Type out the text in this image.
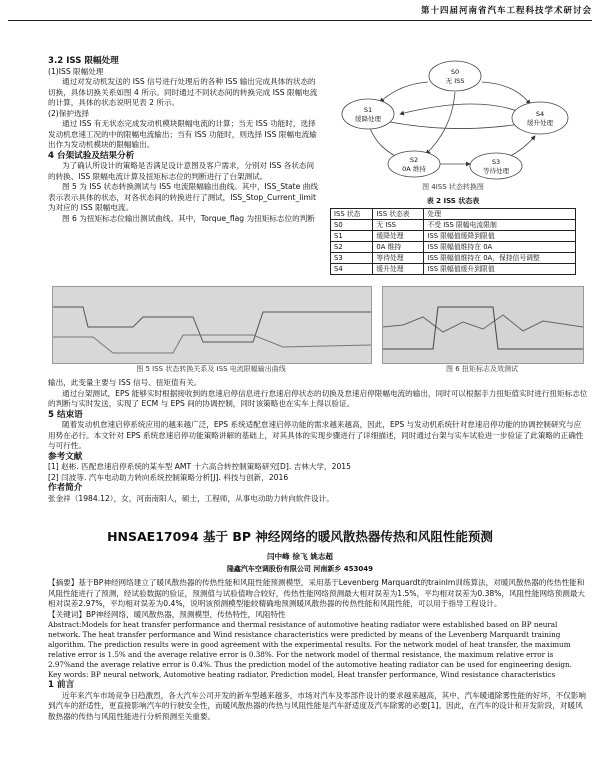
第十四届河南省汽车工程科技学术研讨会

3.2 ISS 限幅处理

(1)ISS 限幅处理

通过对发动机发送的 ISS 信号进行处理后的各种 ISS 输出完成具体的状态的切换，具体切换关系如图 4 所示。同时通过不同状态间的转换完成 ISS 限幅电流的计算，具体的状态说明见表 2 所示。

(2)保护选择

通过 ISS 有无状态完成发动机模块限幅电流的计算；当无 ISS 功能时，选择发动机怠速工况的中的限幅电流输出；当有 ISS 功能时，则选择 ISS 限幅电流输出作为发动机模块的限幅输出。

4 台架试验及结果分析

为了确认所设计的策略是否满足设计意图及客户需求，分别对 ISS 各状态间的转换、ISS 限幅电流计算及扭矩标志位的判断进行了台架测试。

图 5 为 ISS 状态转换测试与 ISS 电流限幅输出曲线。其中，ISS_State 曲线表示表示具体的状态，对各状态间的转换进行了测试，ISS_Stop_Current_limit 为对应的 ISS 限幅电流。

图 6 为扭矩标志位输出测试曲线。其中，Torque_flag 为扭矩标志位的判断

S0
无 ISS
S1
缓降处理
S4
缓升处理
S2
0A 维持
S3
等待处理
图 4ISS 状态转换图
表 2 ISS 状态表
ISS 状态	ISS 状态表	处理
S0	无 ISS	不受 ISS 限幅电流限制
S1	缓降处理	ISS 限幅值缓降到限值
S2	0A 维持	ISS 限幅值维持在 0A
S3	等待处理	ISS 限幅值维持在 0A，保持信号调整
S4	缓升处理	ISS 限幅值缓升到限值
图 5 ISS 状态转换关系及 ISS 电流限幅输出曲线	图 6 扭矩标志及效测试

输出，此变量主要与 ISS 信号、扭矩值有关。

通过台架测试，EPS 能够实时根据接收到的怠速启停信息进行怠速启停状态的切换及怠速启停限幅电流的输出，同时可以根据手力扭矩值实时进行扭矩标志位的判断与实时发送，实现了 ECM 与 EPS 间的协调控制，同时该策略也在实车上得以验证。

5 结束语

随着发动机怠速启停系统应用的越来越广泛，EPS 系统适配怠速启停功能的需求越来越高，因此，EPS 与发动机系统针对怠速启停功能的协调控制研究与应用势在必行。本文针对 EPS 系统怠速启停功能策略讲解的基础上，对其具体的实现步骤进行了详细描述，同时通过台架与实车试验进一步验证了此策略的正确性与可行性。

参考文献

[1] 赵彬. 匹配怠速启停系统的某车型 AMT 十六高合转控制策略研究[D]. 吉林大学，2015

[2] 闫波等. 汽车电动助力转向系统控制策略分析[J]. 科技与创新，2016

作者简介

张金祥（1984.12），女，河南南阳人，硕士，工程师，从事电动助力转向软件设计。

HNSAE17094 基于 BP 神经网络的暖风散热器传热和风阻性能预测
闫中峰 徐飞 姚志超
隆鑫汽车空调股份有限公司 河南新乡 453049

【摘要】基于BP神经网络建立了暖风散热器的传热性能和风阻性能预测模型，采用基于Levenberg Marquardt的trainlm训练算法，对暖风散热器的传热性能和风阻性能进行了预测，经试验数据的验证，预测值与试验值吻合较好，传热性能网络预测最大相对误差为1.5%，平均相对误差为0.38%，风阻性能网络预测最大相对误差2.97%，平均相对误差为0.4%，说明该预测模型能较精确地预测暖风散热器的传热性能和风阻性能，可以用于指导工程设计。

【关键词】BP神经网络，暖风散热器，预测模型，传热特性，风阻特性

Abstract:Models for heat transfer performance and thermal resistance of automotive heating radiator were established based on BP neural network. The heat transfer performance and Wind resistance characteristics were predicted by means of the Levenberg Marquardt training algorithm. The prediction results were in good agreement with the experimental results. For the network model of heat transfer, the maximum relative error is 1.5% and the average relative error is 0.38%. For the network model of thermal resistance, the maximum relative error is 2.97%and the average relative error is 0.4%. Thus the prediction model of the automotive heating radiator can be used for engineering design.

Key words: BP neural network, Automotive heating radiator, Prediction model, Heat transfer performance, Wind resistance characteristics

1 前言

近年来汽车市场竞争日趋激烈，各大汽车公司开发的新车型越来越多，市场对汽车及零部件设计的要求越来越高，其中，汽车暖通除雾性能的好坏，不仅影响到汽车的舒适性，更直接影响汽车的行驶安全性，而暖风散热器的传热与风阻性能是汽车舒适度及汽车除雾的必要[1]。因此，在汽车的设计和开发阶段，对暖风散热器的传热与风阻性能进行分析预测至关重要。
